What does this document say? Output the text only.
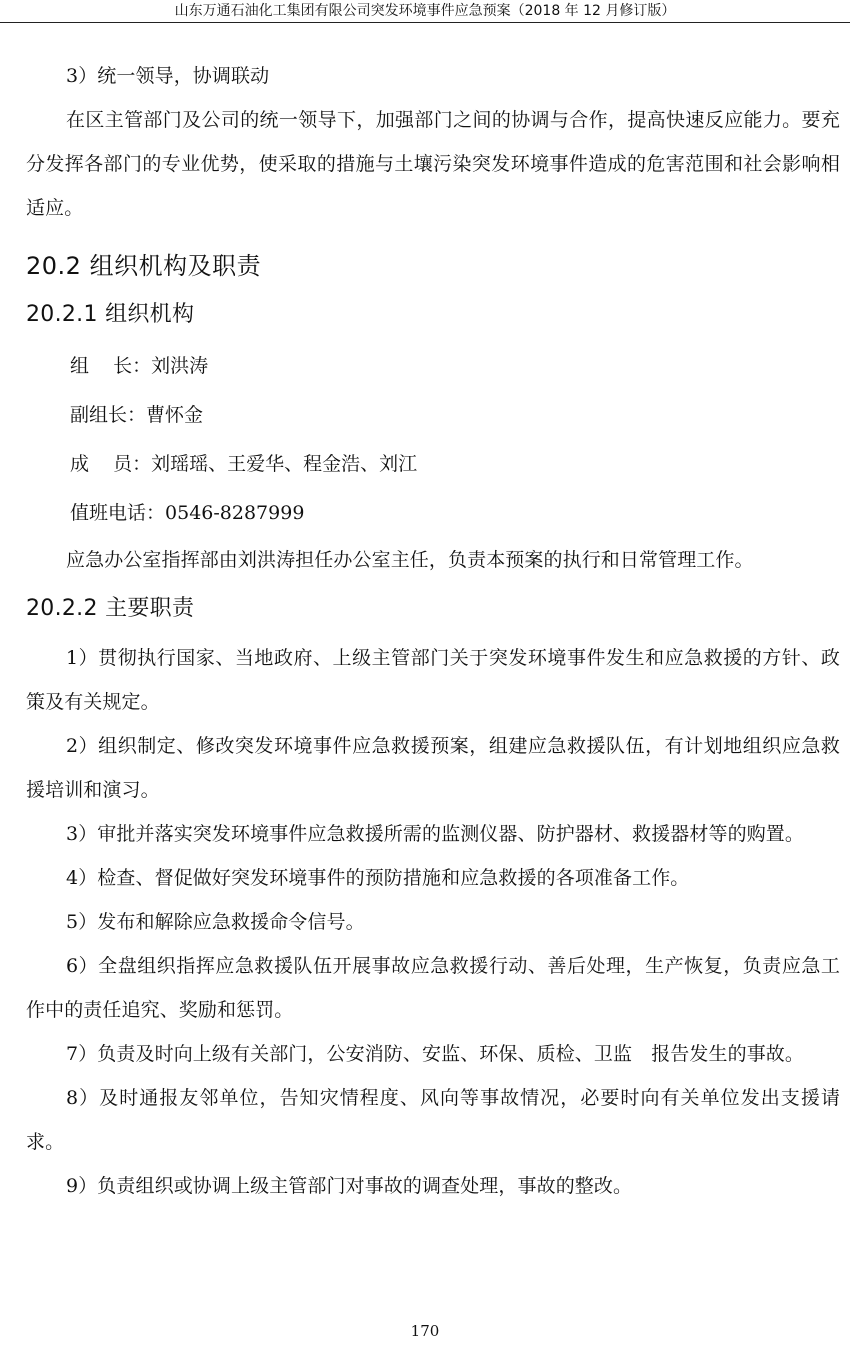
山东万通石油化工集团有限公司突发环境事件应急预案（2018 年 12 月修订版）

3）统一领导，协调联动

在区主管部门及公司的统一领导下，加强部门之间的协调与合作，提高快速反应能力。要充分发挥各部门的专业优势，使采取的措施与土壤污染突发环境事件造成的危害范围和社会影响相适应。

20.2 组织机构及职责
20.2.1 组织机构
组    长：刘洪涛
副组长：曹怀金
成    员：刘瑶瑶、王爱华、程金浩、刘江
值班电话：0546-8287999

应急办公室指挥部由刘洪涛担任办公室主任，负责本预案的执行和日常管理工作。

20.2.2 主要职责

1）贯彻执行国家、当地政府、上级主管部门关于突发环境事件发生和应急救援的方针、政策及有关规定。

2）组织制定、修改突发环境事件应急救援预案，组建应急救援队伍，有计划地组织应急救援培训和演习。

3）审批并落实突发环境事件应急救援所需的监测仪器、防护器材、救援器材等的购置。

4）检查、督促做好突发环境事件的预防措施和应急救援的各项准备工作。

5）发布和解除应急救援命令信号。

6）全盘组织指挥应急救援队伍开展事故应急救援行动、善后处理，生产恢复，负责应急工作中的责任追究、奖励和惩罚。

7）负责及时向上级有关部门，公安消防、安监、环保、质检、卫监　报告发生的事故。

8）及时通报友邻单位，告知灾情程度、风向等事故情况，必要时向有关单位发出支援请求。

9）负责组织或协调上级主管部门对事故的调查处理，事故的整改。

170
